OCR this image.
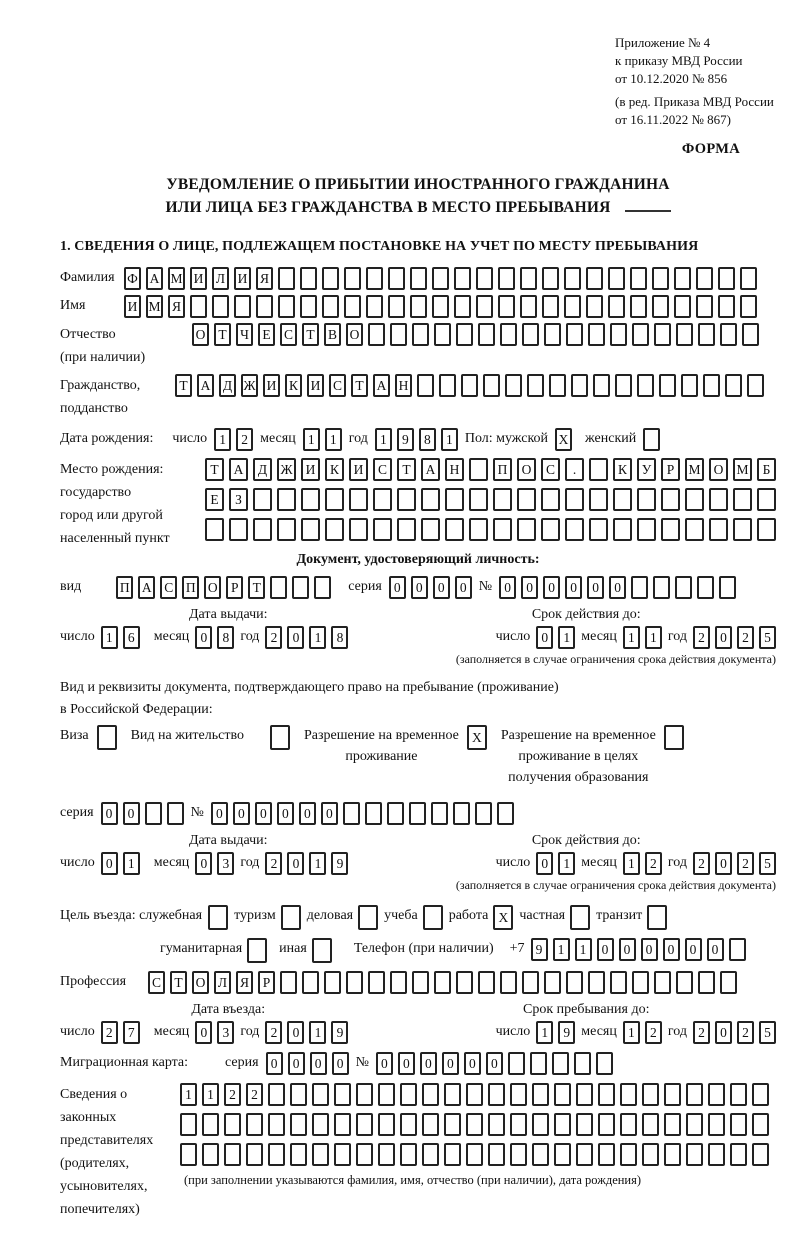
Приложение № 4
к приказу МВД России
от 10.12.2020 № 856
(в ред. Приказа МВД России
от 16.11.2022 № 867)
ФОРМА
УВЕДОМЛЕНИЕ О ПРИБЫТИИ ИНОСТРАННОГО ГРАЖДАНИНА
ИЛИ ЛИЦА БЕЗ ГРАЖДАНСТВА В МЕСТО ПРЕБЫВАНИЯ
1. СВЕДЕНИЯ О ЛИЦЕ, ПОДЛЕЖАЩЕМ ПОСТАНОВКЕ НА УЧЕТ ПО МЕСТУ ПРЕБЫВАНИЯ
Фамилия Ф А М И Л И Я
Имя	И М Я
Отчество
(при наличии)
О Т Ч Е С Т В О
Гражданство,
подданство
Т А Д Ж И К И С Т А Н
Дата рождения: число 1	2 месяц 1	1 год 1	9	8	1 Пол: мужской X женский
Место рождения:
государство
город или другой
населенный пункт
Т	А	Д Ж И	К	И	С	Т	А	Н	П	О	С	.	К	У	Р	М О М	Б
Е	З
Документ, удостоверяющий личность:
вид	П А С П О Р	Т	серия 0	0	0	0 № 0	0	0	0	0	0
Дата выдачи:
число 1	6	месяц 0	8 год 2	0	1	8
Срок действия до:
число 0	1 месяц 1	1 год 2	0	2	5
(заполняется в случае ограничения срока действия документа)
Вид и реквизиты документа, подтверждающего право на пребывание (проживание)
в Российской Федерации:
Виза	Вид на жительство	Разрешение на временное
проживание
X	Разрешение на временное
проживание в целях
получения образования
серия 0	0	№ 0	0	0	0	0	0
Дата выдачи:
число 0	1	месяц 0	3 год 2	0	1	9
Срок действия до:
число 0	1 месяц 1	2 год 2	0	2	5
(заполняется в случае ограничения срока действия документа)
Цель въезда: служебная туризм деловая учеба работа X частная транзит
гуманитарная	иная	Телефон (при наличии) +7 9	1	1	0	0	0	0	0	0
Профессия	С Т О Л Я	Р
Дата въезда:
число 2	7	месяц 0	3 год 2	0	1	9
Срок пребывания до:
число 1	9 месяц 1	2 год 2	0	2	5
Миграционная карта:	серия 0	0	0	0 № 0	0	0	0	0	0
Сведения о
законных
представителях
(родителях,
усыновителях,
попечителях)
1	1	2	2
(при заполнении указываются фамилия, имя, отчество (при наличии), дата рождения)
